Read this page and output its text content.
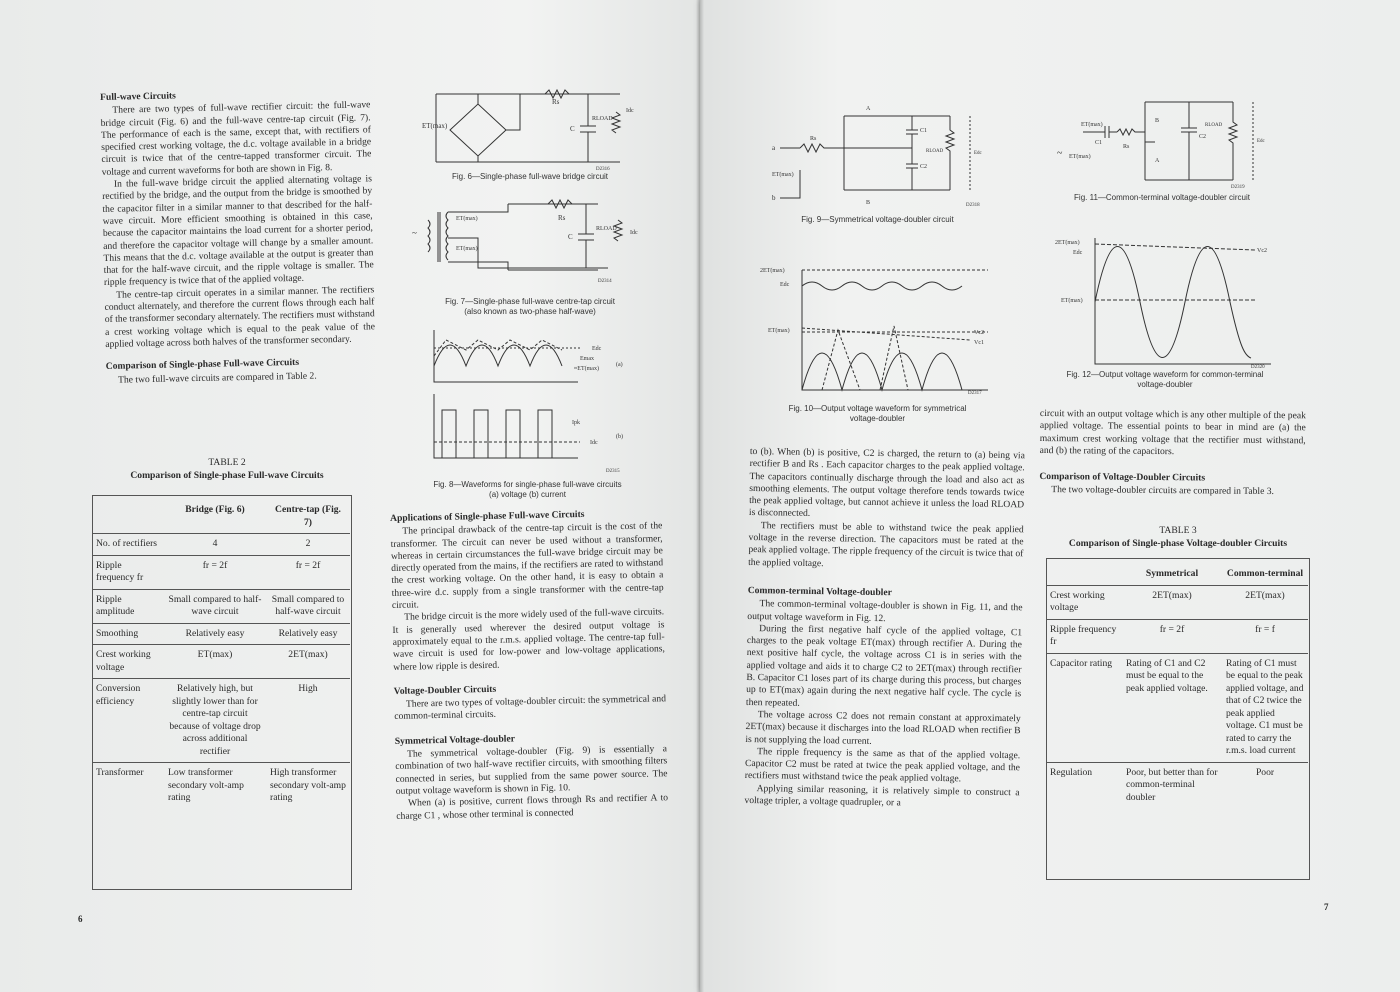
Full-wave Circuits

There are two types of full-wave rectifier circuit: the full-wave bridge circuit (Fig. 6) and the full-wave centre-tap circuit (Fig. 7). The performance of each is the same, except that, with rectifiers of specified crest working voltage, the d.c. voltage available in a bridge circuit is twice that of the centre-tapped transformer circuit. The voltage and current waveforms for both are shown in Fig. 8.

In the full-wave bridge circuit the applied alternating voltage is rectified by the bridge, and the output from the bridge is smoothed by the capacitor filter in a similar manner to that described for the half-wave circuit. More efficient smoothing is obtained in this case, because the capacitor maintains the load current for a shorter period, and therefore the capacitor voltage will change by a smaller amount. This means that the d.c. voltage available at the output is greater than that for the half-wave circuit, and the ripple voltage is smaller. The ripple frequency is twice that of the applied voltage.

The centre-tap circuit operates in a similar manner. The rectifiers conduct alternately, and therefore the current flows through each half of the transformer secondary alternately. The rectifiers must withstand a crest working voltage which is equal to the peak value of the applied voltage across both halves of the transformer secondary.

Comparison of Single-phase Full-wave Circuits

The two full-wave circuits are compared in Table 2.

TABLE 2
Comparison of Single-phase Full-wave Circuits
	Bridge (Fig. 6)	Centre-tap (Fig. 7)
No. of rectifiers	4	2
Ripple frequency fr	fr = 2f	fr = 2f
Ripple amplitude	Small compared to half-wave circuit	Small compared to half-wave circuit
Smoothing	Relatively easy	Relatively easy
Crest working voltage	ET(max)	2ET(max)
Conversion efficiency	Relatively high, but slightly lower than for centre-tap circuit because of voltage drop across additional rectifier	High
Transformer	Low transformer secondary volt-amp rating	High transformer secondary volt-amp rating
6
ET(max)
Rs
C
RLOAD
Idc
D2316
Fig. 6—Single-phase full-wave bridge circuit
~
ET(max)
ET(max)
Rs
C
RLOAD
Idc
D2314
Fig. 7—Single-phase full-wave centre-tap circuit
(also known as two-phase half-wave)
Edc
Emax
≈ET(max)
(a)
Ipk
Idc
(b)
D2315
Fig. 8—Waveforms for single-phase full-wave circuits
(a) voltage (b) current
Applications of Single-phase Full-wave Circuits

The principal drawback of the centre-tap circuit is the cost of the transformer. The circuit can never be used without a transformer, whereas in certain circumstances the full-wave bridge circuit may be directly operated from the mains, if the rectifiers are rated to withstand the crest working voltage. On the other hand, it is easy to obtain a three-wire d.c. supply from a single transformer with the centre-tap circuit.

The bridge circuit is the more widely used of the full-wave circuits. It is generally used wherever the desired output voltage is approximately equal to the r.m.s. applied voltage. The centre-tap full-wave circuit is used for low-power and low-voltage applications, where low ripple is desired.

Voltage-Doubler Circuits

There are two types of voltage-doubler circuit: the symmetrical and common-terminal circuits.

Symmetrical Voltage-doubler

The symmetrical voltage-doubler (Fig. 9) is essentially a combination of two half-wave rectifier circuits, with smoothing filters connected in series, but supplied from the same power source. The output voltage waveform is shown in Fig. 10.

When (a) is positive, current flows through Rs and rectifier A to charge C1 , whose other terminal is connected

a
b
A
B
Rs
ET(max)
C1
C2
RLOAD	Edc
D2318
Fig. 9—Symmetrical voltage-doubler circuit
2ET(max)
Edc
ET(max)	Vc2
Vc1
D2317
Fig. 10—Output voltage waveform for symmetrical
voltage-doubler

to (b). When (b) is positive, C2 is charged, the return to (a) being via rectifier B and Rs . Each capacitor charges to the peak applied voltage. The capacitors continually discharge through the load and also act as smoothing elements. The output voltage therefore tends towards twice the peak applied voltage, but cannot achieve it unless the load RLOAD is disconnected.

The rectifiers must be able to withstand twice the peak applied voltage in the reverse direction. The capacitors must be rated at the peak applied voltage. The ripple frequency of the circuit is twice that of the applied voltage.

Common-terminal Voltage-doubler

The common-terminal voltage-doubler is shown in Fig. 11, and the output voltage waveform in Fig. 12.

During the first negative half cycle of the applied voltage, C1 charges to the peak voltage ET(max) through rectifier A. During the next positive half cycle, the voltage across C1 is in series with the applied voltage and aids it to charge C2 to 2ET(max) through rectifier B. Capacitor C1 loses part of its charge during this process, but charges up to ET(max) again during the next negative half cycle. The cycle is then repeated.

The voltage across C2 does not remain constant at approximately 2ET(max) because it discharges into the load RLOAD when rectifier B is not supplying the load current.

The ripple frequency is the same as that of the applied voltage. Capacitor C2 must be rated at twice the peak applied voltage, and the rectifiers must withstand twice the peak applied voltage.

Applying similar reasoning, it is relatively simple to construct a voltage tripler, a voltage quadrupler, or a

~
ET(max)
C1
Rs
ET(max)
B
A
C2
RLOAD
Edc
D2319
Fig. 11—Common-terminal voltage-doubler circuit
2ET(max)
Edc	Vc2
ET(max)
D2320
Fig. 12—Output voltage waveform for common-terminal
voltage-doubler

circuit with an output voltage which is any other multiple of the peak applied voltage. The essential points to bear in mind are (a) the maximum crest working voltage that the rectifier must withstand, and (b) the rating of the capacitors.

Comparison of Voltage-Doubler Circuits

The two voltage-doubler circuits are compared in Table 3.

TABLE 3
Comparison of Single-phase Voltage-doubler Circuits
	Symmetrical	Common-terminal
Crest working voltage	2ET(max)	2ET(max)
Ripple frequency fr	fr = 2f	fr = f
Capacitor rating	Rating of C1 and C2 must be equal to the peak applied voltage.	Rating of C1 must be equal to the peak applied voltage, and that of C2 twice the peak applied voltage. C1 must be rated to carry the r.m.s. load current
Regulation	Poor, but better than for common-terminal doubler	Poor
7
